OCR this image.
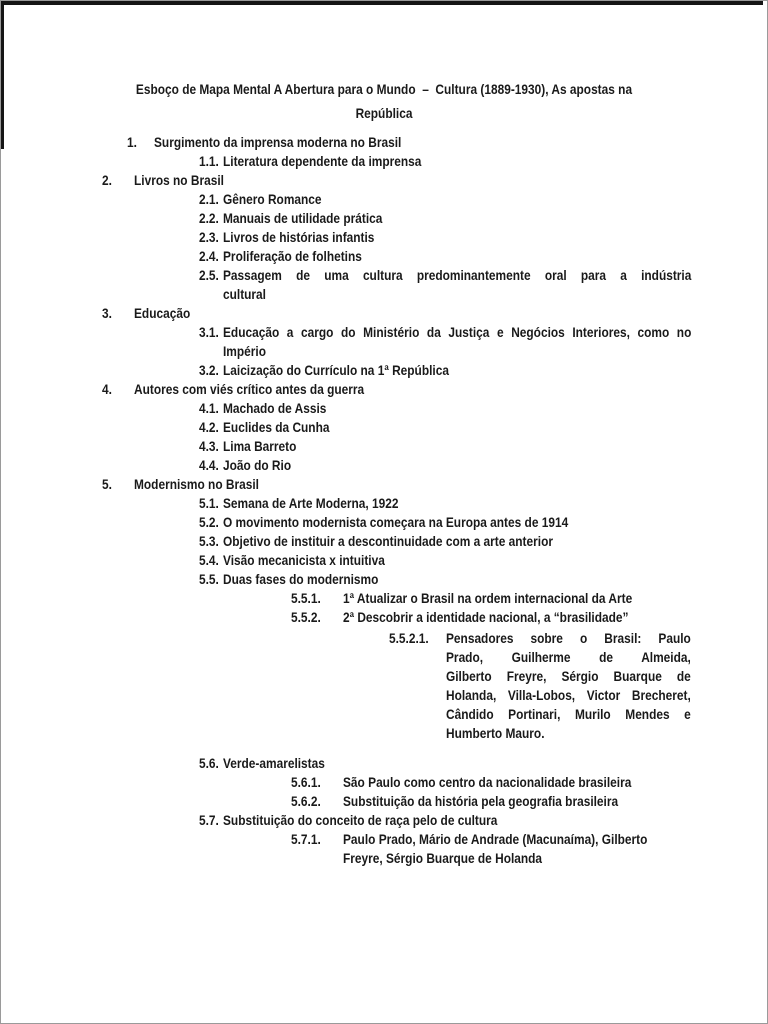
Esboço de Mapa Mental A Abertura para o Mundo  –  Cultura (1889-1930), As apostas na
República
1. Surgimento da imprensa moderna no Brasil
1.1. Literatura dependente da imprensa
2. Livros no Brasil
2.1. Gênero Romance
2.2. Manuais de utilidade prática
2.3. Livros de histórias infantis
2.4. Proliferação de folhetins
2.5. Passagem de uma cultura predominantemente oral para a indústria
cultural
3. Educação
3.1. Educação a cargo do Ministério da Justiça e Negócios Interiores, como no
Império
3.2. Laicização do Currículo na 1ª República
4. Autores com viés crítico antes da guerra
4.1. Machado de Assis
4.2. Euclides da Cunha
4.3. Lima Barreto
4.4. João do Rio
5. Modernismo no Brasil
5.1. Semana de Arte Moderna, 1922
5.2. O movimento modernista começara na Europa antes de 1914
5.3. Objetivo de instituir a descontinuidade com a arte anterior
5.4. Visão mecanicista x intuitiva
5.5. Duas fases do modernismo
5.5.1. 1ª Atualizar o Brasil na ordem internacional da Arte
5.5.2. 2ª Descobrir a identidade nacional, a “brasilidade”
5.5.2.1. Pensadores sobre o Brasil: Paulo
Prado, Guilherme de Almeida,
Gilberto Freyre, Sérgio Buarque de
Holanda, Villa-Lobos, Victor Brecheret,
Cândido Portinari, Murilo Mendes e
Humberto Mauro.
5.6. Verde-amarelistas
5.6.1. São Paulo como centro da nacionalidade brasileira
5.6.2. Substituição da história pela geografia brasileira
5.7. Substituição do conceito de raça pelo de cultura
5.7.1. Paulo Prado, Mário de Andrade (Macunaíma), Gilberto
Freyre, Sérgio Buarque de Holanda
